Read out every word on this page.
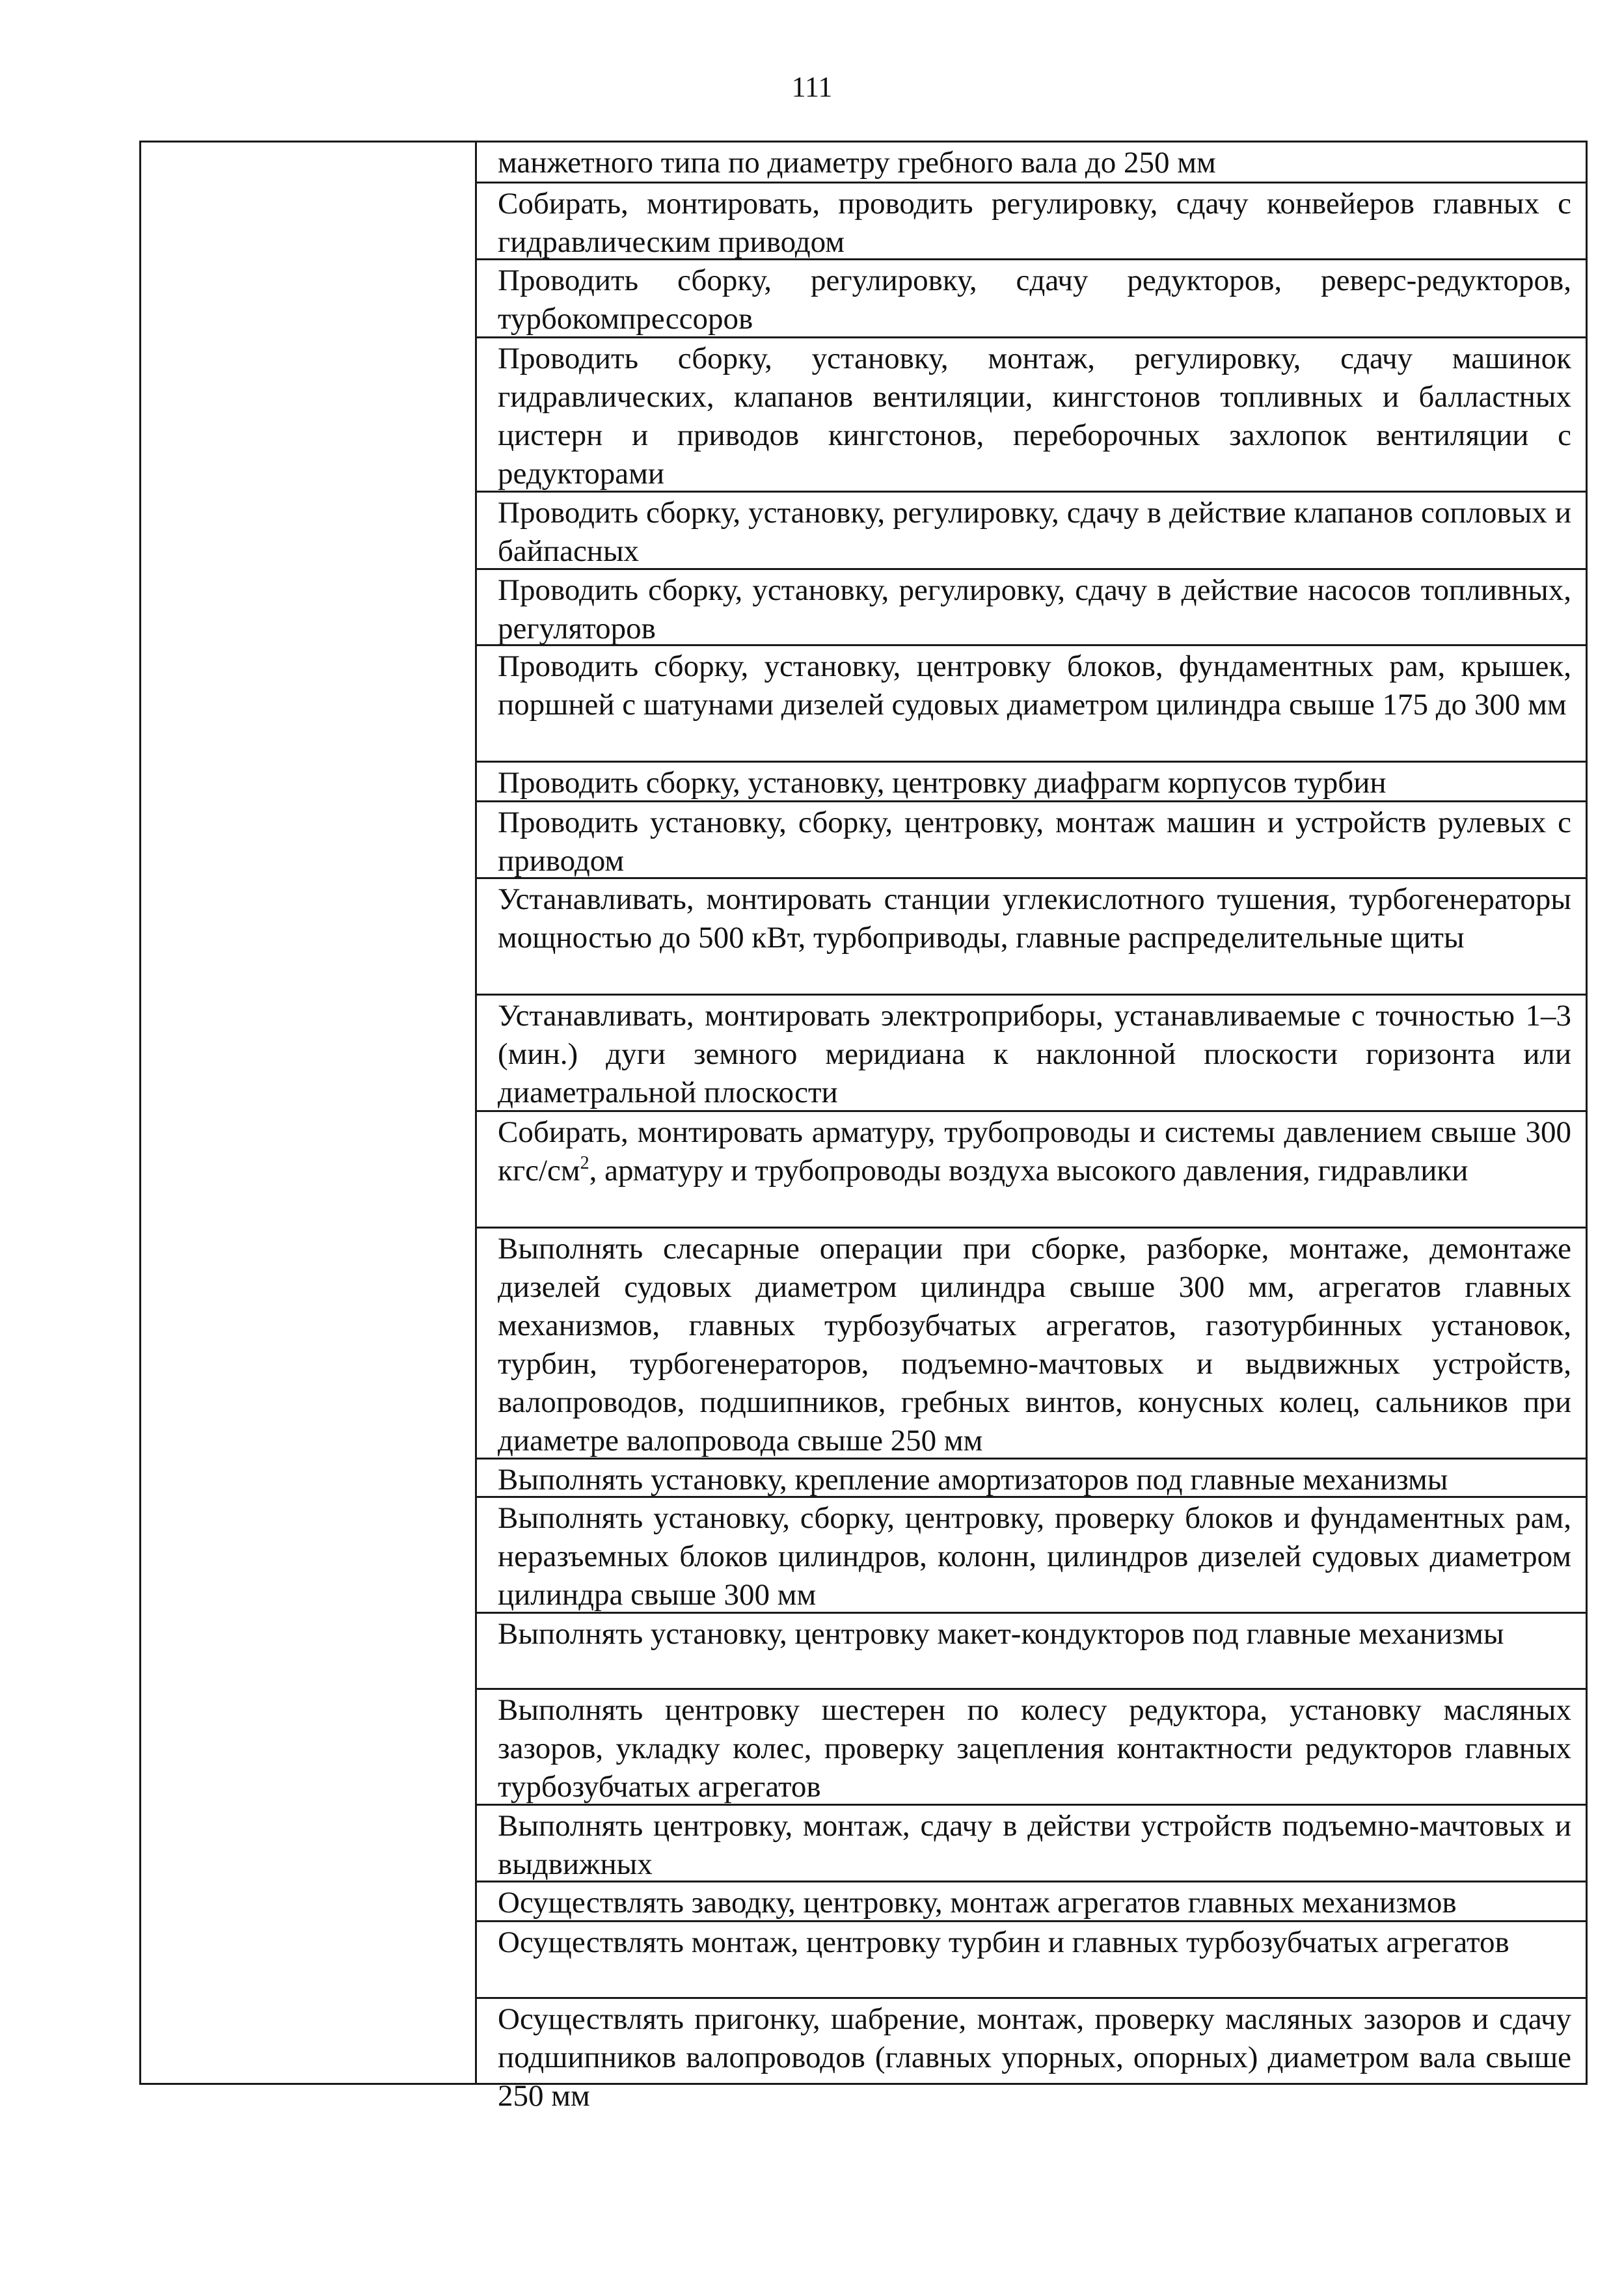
111
манжетного типа по диаметру гребного вала до 250 мм
Собирать, монтировать, проводить регулировку, сдачу конвейеров главных с гидравлическим приводом
Проводить сборку, регулировку, сдачу редукторов, реверс-редукторов, турбокомпрессоров
Проводить сборку, установку, монтаж, регулировку, сдачу машинок гидравлических, клапанов вентиляции, кингстонов топливных и балластных цистерн и приводов кингстонов, переборочных захлопок вентиляции с редукторами
Проводить сборку, установку, регулировку, сдачу в действие клапанов сопловых и байпасных
Проводить сборку, установку, регулировку, сдачу в действие насосов топливных, регуляторов
Проводить сборку, установку, центровку блоков, фундаментных рам, крышек, поршней с шатунами дизелей судовых диаметром цилиндра свыше 175 до 300 мм
Проводить сборку, установку, центровку диафрагм корпусов турбин
Проводить установку, сборку, центровку, монтаж машин и устройств рулевых с приводом
Устанавливать, монтировать станции углекислотного тушения, турбогенераторы мощностью до 500 кВт, турбоприводы, главные распределительные щиты
Устанавливать, монтировать электроприборы, устанавливаемые с точностью 1–3 (мин.) дуги земного меридиана к наклонной плоскости горизонта или диаметральной плоскости
Собирать, монтировать арматуру, трубопроводы и системы давлением свыше 300 кгс/$см^2$, арматуру и трубопроводы воздуха высокого давления, гидравлики
Выполнять слесарные операции при сборке, разборке, монтаже, демонтаже дизелей судовых диаметром цилиндра свыше 300 мм, агрегатов главных механизмов, главных турбозубчатых агрегатов, газотурбинных установок, турбин, турбогенераторов, подъемно-мачтовых и выдвижных устройств, валопроводов, подшипников, гребных винтов, конусных колец, сальников при диаметре валопровода свыше 250 мм
Выполнять установку, крепление амортизаторов под главные механизмы
Выполнять установку, сборку, центровку, проверку блоков и фундаментных рам, неразъемных блоков цилиндров, колонн, цилиндров дизелей судовых диаметром цилиндра свыше 300 мм
Выполнять установку, центровку макет-кондукторов под главные механизмы
Выполнять центровку шестерен по колесу редуктора, установку масляных зазоров, укладку колес, проверку зацепления контактности редукторов главных турбозубчатых агрегатов
Выполнять центровку, монтаж, сдачу в действи устройств подъемно-мачтовых и выдвижных
Осуществлять заводку, центровку, монтаж агрегатов главных механизмов
Осуществлять монтаж, центровку турбин и главных турбозубчатых агрегатов
Осуществлять пригонку, шабрение, монтаж, проверку масляных зазоров и сдачу подшипников валопроводов (главных упорных, опорных) диаметром вала свыше 250 мм
